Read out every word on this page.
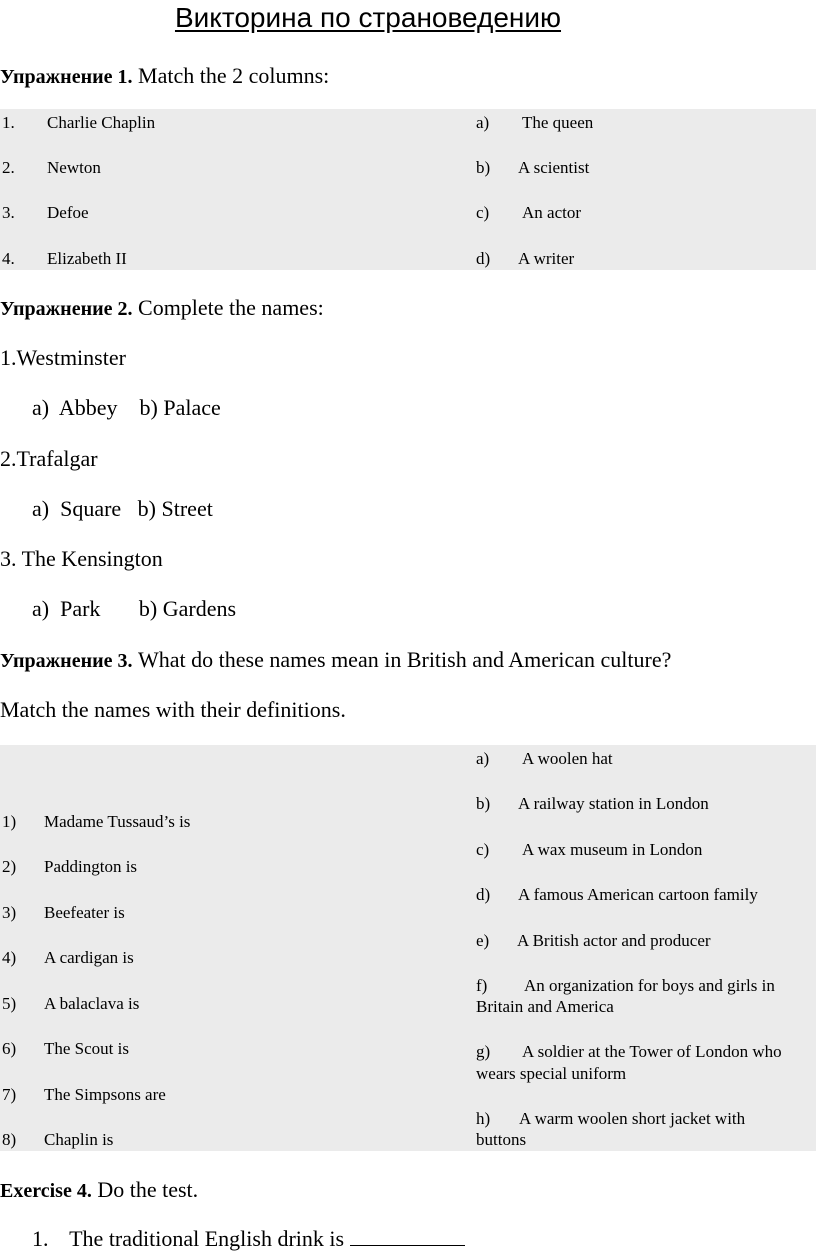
Викторина по страноведению
Упражнение 1. Match the 2 columns:
1. Charlie Chaplin
2. Newton
3. Defoe
4. Elizabeth II
a) The queen
b) A scientist
c) An actor
d) A writer
Упражнение 2. Complete the names:
1.Westminster
a)  Abbey    b) Palace
2.Trafalgar
a)  Square   b) Street
3. The Kensington
a)  Park       b) Gardens
Упражнение 3. What do these names mean in British and American culture?
Match the names with their definitions.
1) Madame Tussaud’s is
2) Paddington is
3) Beefeater is
4) A cardigan is
5) A balaclava is
6) The Scout is
7) The Simpsons are
8) Chaplin is
a) A woolen hat
b) A railway station in London
c) A wax museum in London
d) A famous American cartoon family
e) A British actor and producer
f) An organization for boys and girls in
Britain and America
g) A soldier at the Tower of London who
wears special uniform
h) A warm woolen short jacket with
buttons
Exercise 4. Do the test.
1. The traditional English drink is
